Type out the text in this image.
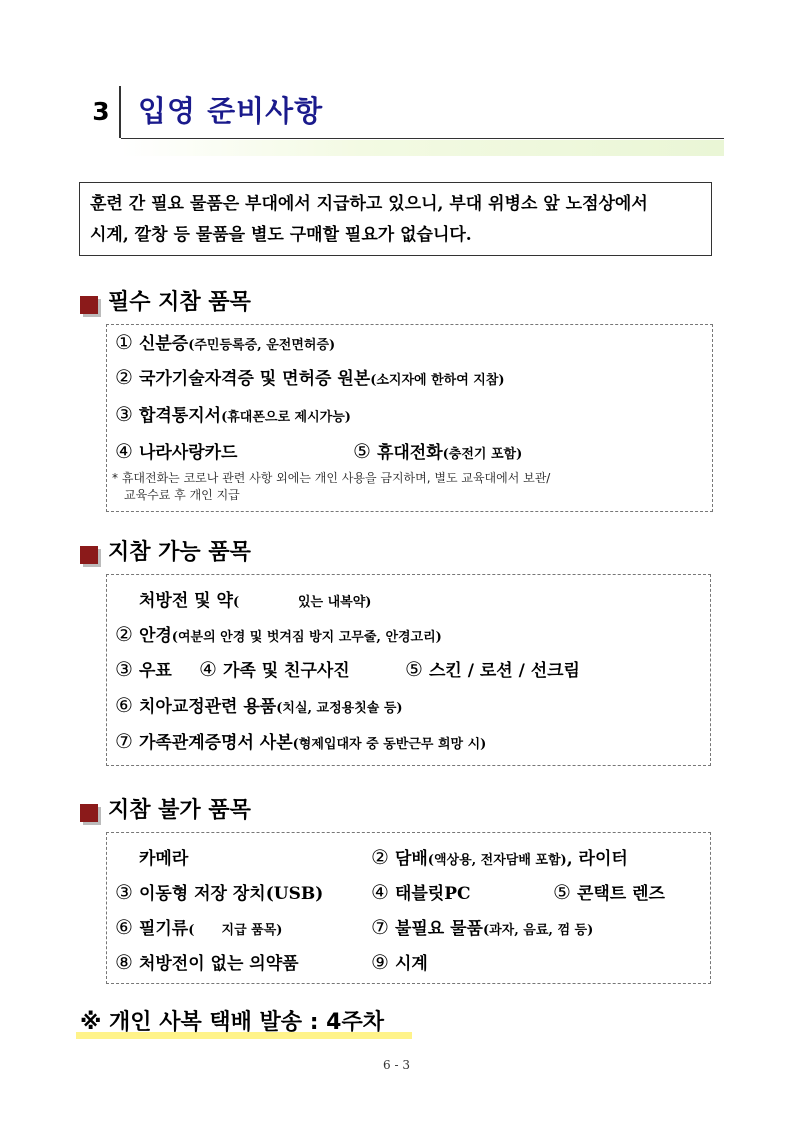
3 입영 준비사항
훈련 간 필요 물품은 부대에서 지급하고 있으니, 부대 위병소 앞 노점상에서
시계, 깔창 등 물품을 별도 구매할 필요가 없습니다.
필수 지참 품목
① 신분증(주민등록증, 운전면허증)
② 국가기술자격증 및 면허증 원본(소지자에 한하여 지참)
③ 합격통지서(휴대폰으로 제시가능)
④ 나라사랑카드	⑤ 휴대전화(충전기 포함)
* 휴대전화는 코로나 관련 사항 외에는 개인 사용을 금지하며, 별도 교육대에서 보관/
교육수료 후 개인 지급
지참 가능 품목
처방전 및 약(             있는 내복약)
② 안경(여분의 안경 및 벗겨짐 방지 고무줄, 안경고리)
③ 우표 ④ 가족 및 친구사진	⑤ 스킨 / 로션 / 선크림
⑥ 치아교정관련 용품(치실, 교정용칫솔 등)
⑦ 가족관계증명서 사본(형제입대자 중 동반근무 희망 시)
지참 불가 품목
카메라	② 담배(액상용, 전자담배 포함), 라이터
③ 이동형 저장 장치(USB) ④ 태블릿PC	⑤ 콘택트 렌즈
⑥ 필기류(      지급 품목)	⑦ 불필요 물품(과자, 음료, 껌 등)
⑧ 처방전이 없는 의약품	⑨ 시계
※ 개인 사복 택배 발송 : 4주차
6 - 3
